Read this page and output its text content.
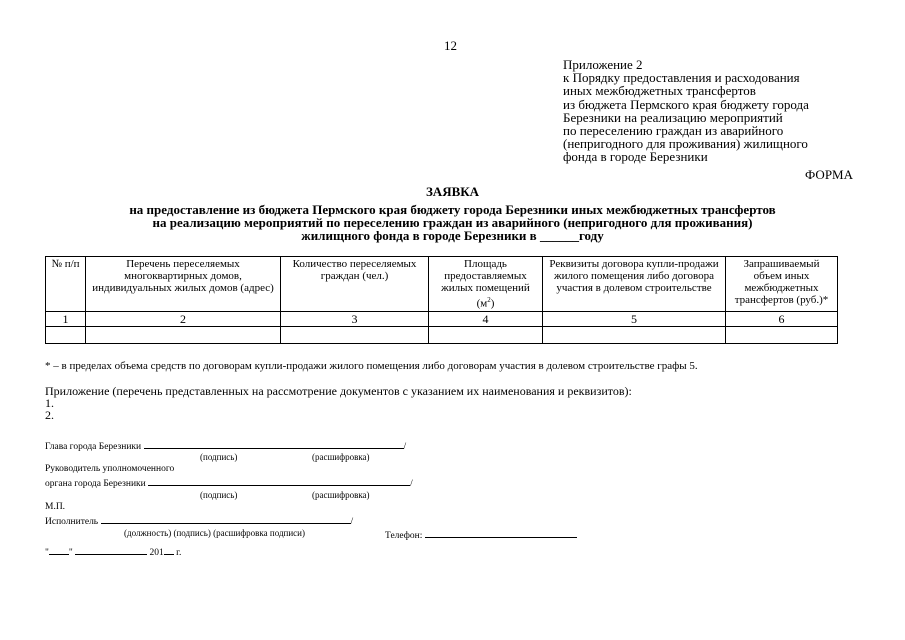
12
Приложение 2
к Порядку предоставления и расходования
иных межбюджетных трансфертов
из бюджета Пермского края бюджету города
Березники на реализацию мероприятий
по переселению граждан из аварийного
(непригодного для проживания) жилищного
фонда в городе Березники
ФОРМА
ЗАЯВКА
на предоставление из бюджета Пермского края бюджету города Березники иных межбюджетных трансфертов
на реализацию мероприятий по переселению граждан из аварийного (непригодного для проживания)
жилищного фонда в городе Березники в ______году
№ п/п	Перечень переселяемых многоквартирных домов, индивидуальных жилых домов (адрес)	Количество переселяемых граждан (чел.)	Площадь предоставляемых жилых помещений $(м^2)$	Реквизиты договора купли-продажи жилого помещения либо договора участия в долевом строительстве	Запрашиваемый объем иных межбюджетных трансфертов (руб.)*
1	2	3	4	5	6

* – в пределах объема средств по договорам купли-продажи жилого помещения либо договорам участия в долевом строительстве графы 5.
Приложение (перечень представленных на рассмотрение документов с указанием их наименования и реквизитов):
1.
2.
Глава города Березники	/
(подпись)	(расшифровка)
Руководитель уполномоченного
органа города Березники	/
(подпись)	(расшифровка)
М.П.
Исполнитель	/
(должность) (подпись) (расшифровка подписи)	Телефон:
" "	201 г.
